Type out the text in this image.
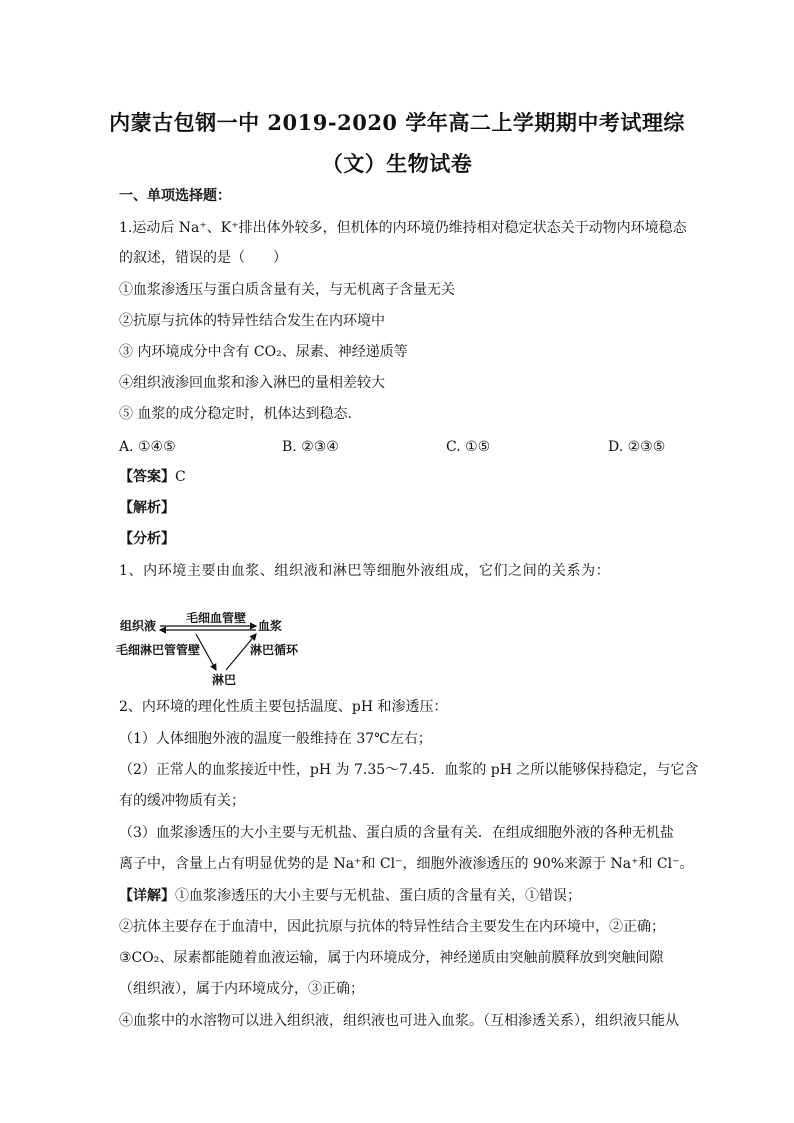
内蒙古包钢一中 2019-2020 学年高二上学期期中考试理综
（文）生物试卷
一、单项选择题：
1.运动后 Na⁺、K⁺排出体外较多，但机体的内环境仍维持相对稳定状态关于动物内环境稳态
的叙述，错误的是（　　）
①血浆渗透压与蛋白质含量有关，与无机离子含量无关
②抗原与抗体的特异性结合发生在内环境中
③ 内环境成分中含有 CO₂、尿素、神经递质等
④组织液渗回血浆和渗入淋巴的量相差较大
⑤ 血浆的成分稳定时，机体达到稳态．
A. ①④⑤	B. ②③④	C. ①⑤	D. ②③⑤
【答案】C
【解析】
【分析】
1、内环境主要由血浆、组织液和淋巴等细胞外液组成，它们之间的关系为：
组织液
毛细血管壁
血浆
毛细淋巴管管壁	淋巴循环
淋巴
2、内环境的理化性质主要包括温度、pH 和渗透压：
（1）人体细胞外液的温度一般维持在 37℃左右；
（2）正常人的血浆接近中性，pH 为 7.35～7.45．血浆的 pH 之所以能够保持稳定，与它含
有的缓冲物质有关；
（3）血浆渗透压的大小主要与无机盐、蛋白质的含量有关．在组成细胞外液的各种无机盐
离子中，含量上占有明显优势的是 Na⁺和 Cl⁻，细胞外液渗透压的 90%来源于 Na⁺和 Cl⁻。
【详解】①血浆渗透压的大小主要与无机盐、蛋白质的含量有关，①错误；
②抗体主要存在于血清中，因此抗原与抗体的特异性结合主要发生在内环境中，②正确；
③CO₂、尿素都能随着血液运输，属于内环境成分，神经递质由突触前膜释放到突触间隙
（组织液），属于内环境成分，③正确；
④血浆中的水溶物可以进入组织液，组织液也可进入血浆。（互相渗透关系），组织液只能从
